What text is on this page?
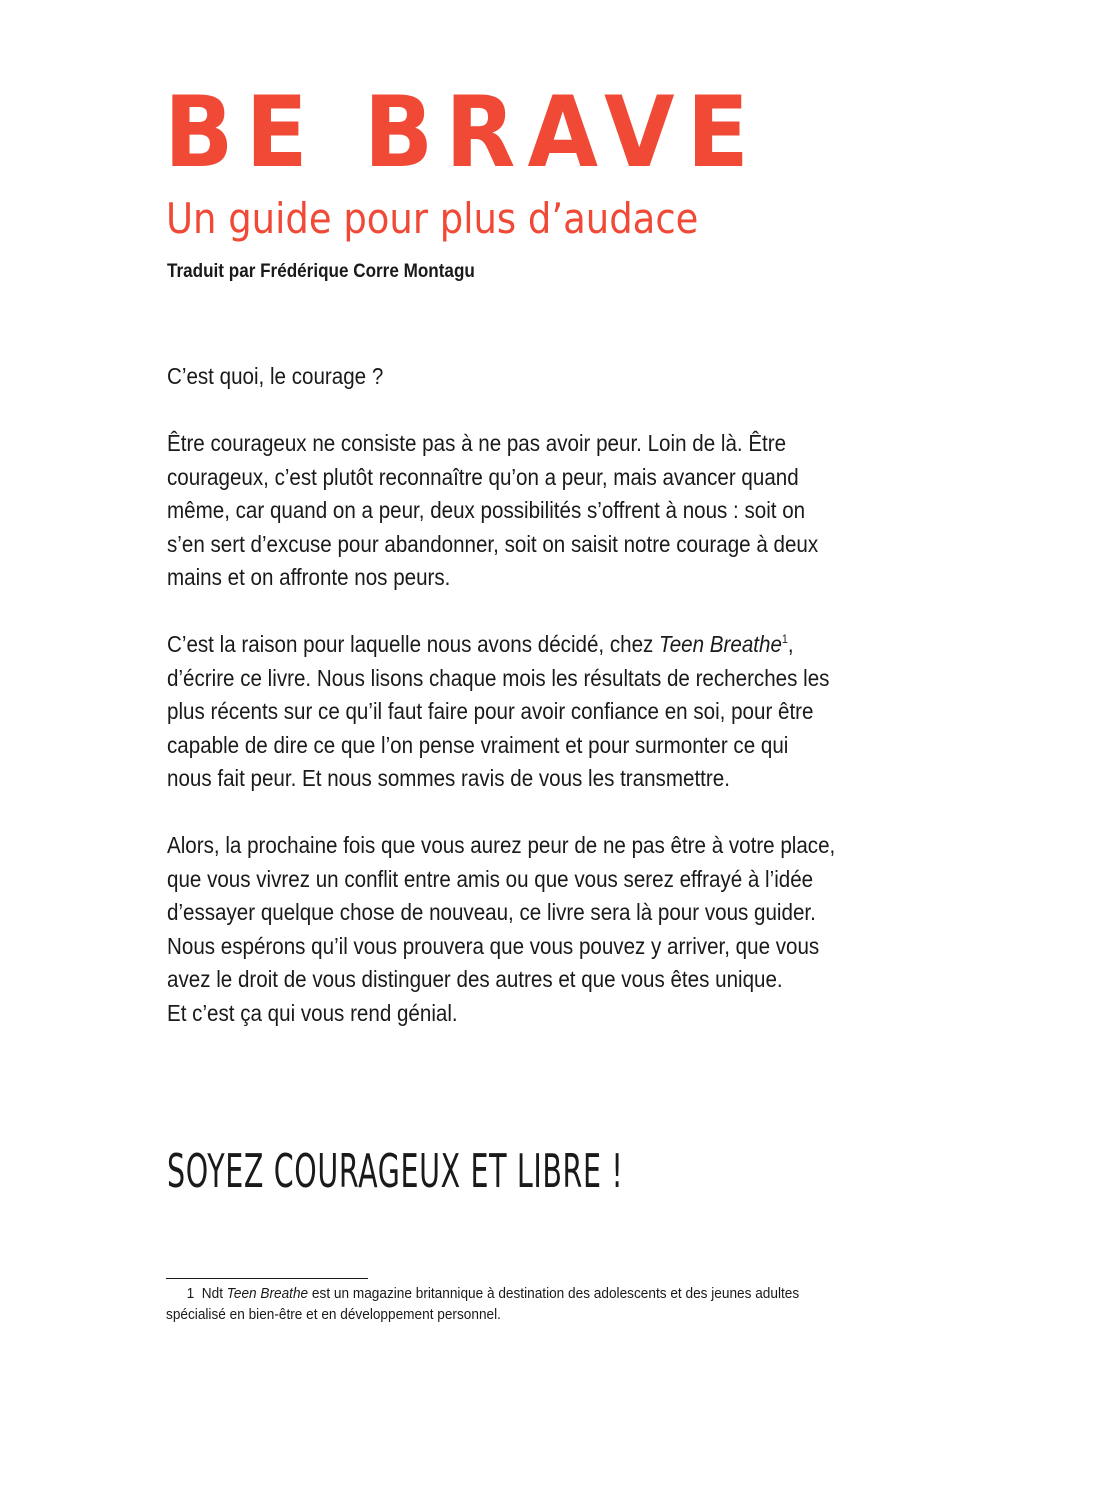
BE BRAVE
Un guide pour plus d’audace
Traduit par Frédérique Corre Montagu

C’est quoi, le courage ?

Être courageux ne consiste pas à ne pas avoir peur. Loin de là. Être
courageux, c’est plutôt reconnaître qu’on a peur, mais avancer quand
même, car quand on a peur, deux possibilités s’offrent à nous : soit on
s’en sert d’excuse pour abandonner, soit on saisit notre courage à deux
mains et on affronte nos peurs.

C’est la raison pour laquelle nous avons décidé, chez Teen Breathe$^1$,
d’écrire ce livre. Nous lisons chaque mois les résultats de recherches les
plus récents sur ce qu’il faut faire pour avoir confiance en soi, pour être
capable de dire ce que l’on pense vraiment et pour surmonter ce qui
nous fait peur. Et nous sommes ravis de vous les transmettre.

Alors, la prochaine fois que vous aurez peur de ne pas être à votre place,
que vous vivrez un conflit entre amis ou que vous serez effrayé à l’idée
d’essayer quelque chose de nouveau, ce livre sera là pour vous guider.
Nous espérons qu’il vous prouvera que vous pouvez y arriver, que vous
avez le droit de vous distinguer des autres et que vous êtes unique.
Et c’est ça qui vous rend génial.

SOYEZ COURAGEUX ET LIBRE !
1 Ndt Teen Breathe est un magazine britannique à destination des adolescents et des jeunes adultes
spécialisé en bien-être et en développement personnel.
